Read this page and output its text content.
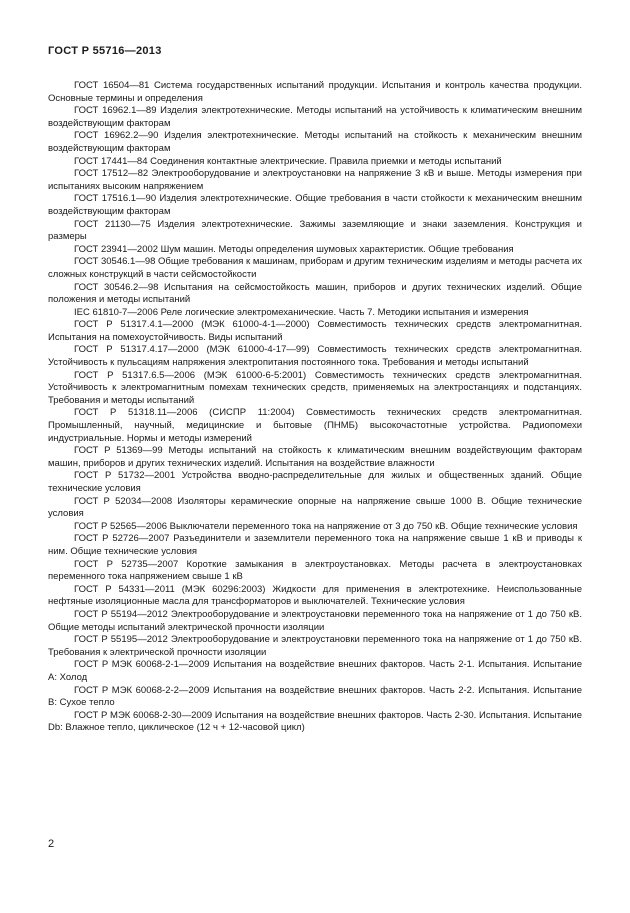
ГОСТ Р 55716—2013

ГОСТ 16504—81 Система государственных испытаний продукции. Испытания и контроль качества продукции. Основные термины и определения

ГОСТ 16962.1—89 Изделия электротехнические. Методы испытаний на устойчивость к климатическим внешним воздействующим факторам

ГОСТ 16962.2—90 Изделия электротехнические. Методы испытаний на стойкость к механическим внешним воздействующим факторам

ГОСТ 17441—84 Соединения контактные электрические. Правила приемки и методы испытаний

ГОСТ 17512—82 Электрооборудование и электроустановки на напряжение 3 кВ и выше. Методы измерения при испытаниях высоким напряжением

ГОСТ 17516.1—90 Изделия электротехнические. Общие требования в части стойкости к механическим внешним воздействующим факторам

ГОСТ 21130—75 Изделия электротехнические. Зажимы заземляющие и знаки заземления. Конструкция и размеры

ГОСТ 23941—2002 Шум машин. Методы определения шумовых характеристик. Общие требования

ГОСТ 30546.1—98 Общие требования к машинам, приборам и другим техническим изделиям и методы расчета их сложных конструкций в части сейсмостойкости

ГОСТ 30546.2—98 Испытания на сейсмостойкость машин, приборов и других технических изделий. Общие положения и методы испытаний

IEC 61810-7—2006 Реле логические электромеханические. Часть 7. Методики испытания и измерения

ГОСТ Р 51317.4.1—2000 (МЭК 61000-4-1—2000) Совместимость технических средств электромагнитная. Испытания на помехоустойчивость. Виды испытаний

ГОСТ Р 51317.4.17—2000 (МЭК 61000-4-17—99) Совместимость технических средств электромагнитная. Устойчивость к пульсациям напряжения электропитания постоянного тока. Требования и методы испытаний

ГОСТ Р 51317.6.5—2006 (МЭК 61000-6-5:2001) Совместимость технических средств электромагнитная. Устойчивость к электромагнитным помехам технических средств, применяемых на электростанциях и подстанциях. Требования и методы испытаний

ГОСТ Р 51318.11—2006 (СИСПР 11:2004) Совместимость технических средств электромагнитная. Промышленный, научный, медицинские и бытовые (ПНМБ) высокочастотные устройства. Радиопомехи индустриальные. Нормы и методы измерений

ГОСТ Р 51369—99 Методы испытаний на стойкость к климатическим внешним воздействующим факторам машин, приборов и других технических изделий. Испытания на воздействие влажности

ГОСТ Р 51732—2001 Устройства вводно-распределительные для жилых и общественных зданий. Общие технические условия

ГОСТ Р 52034—2008 Изоляторы керамические опорные на напряжение свыше 1000 В. Общие технические условия

ГОСТ Р 52565—2006 Выключатели переменного тока на напряжение от 3 до 750 кВ. Общие технические условия

ГОСТ Р 52726—2007 Разъединители и заземлители переменного тока на напряжение свыше 1 кВ и приводы к ним. Общие технические условия

ГОСТ Р 52735—2007 Короткие замыкания в электроустановках. Методы расчета в электроустановках переменного тока напряжением свыше 1 кВ

ГОСТ Р 54331—2011 (МЭК 60296:2003) Жидкости для применения в электротехнике. Неиспользованные нефтяные изоляционные масла для трансформаторов и выключателей. Технические условия

ГОСТ Р 55194—2012 Электрооборудование и электроустановки переменного тока на напряжение от 1 до 750 кВ. Общие методы испытаний электрической прочности изоляции

ГОСТ Р 55195—2012 Электрооборудование и электроустановки переменного тока на напряжение от 1 до 750 кВ. Требования к электрической прочности изоляции

ГОСТ Р МЭК 60068-2-1—2009 Испытания на воздействие внешних факторов. Часть 2-1. Испытания. Испытание А: Холод

ГОСТ Р МЭК 60068-2-2—2009 Испытания на воздействие внешних факторов. Часть 2-2. Испытания. Испытание В: Сухое тепло

ГОСТ Р МЭК 60068-2-30—2009 Испытания на воздействие внешних факторов. Часть 2-30. Испытания. Испытание Db: Влажное тепло, циклическое (12 ч + 12-часовой цикл)

2
